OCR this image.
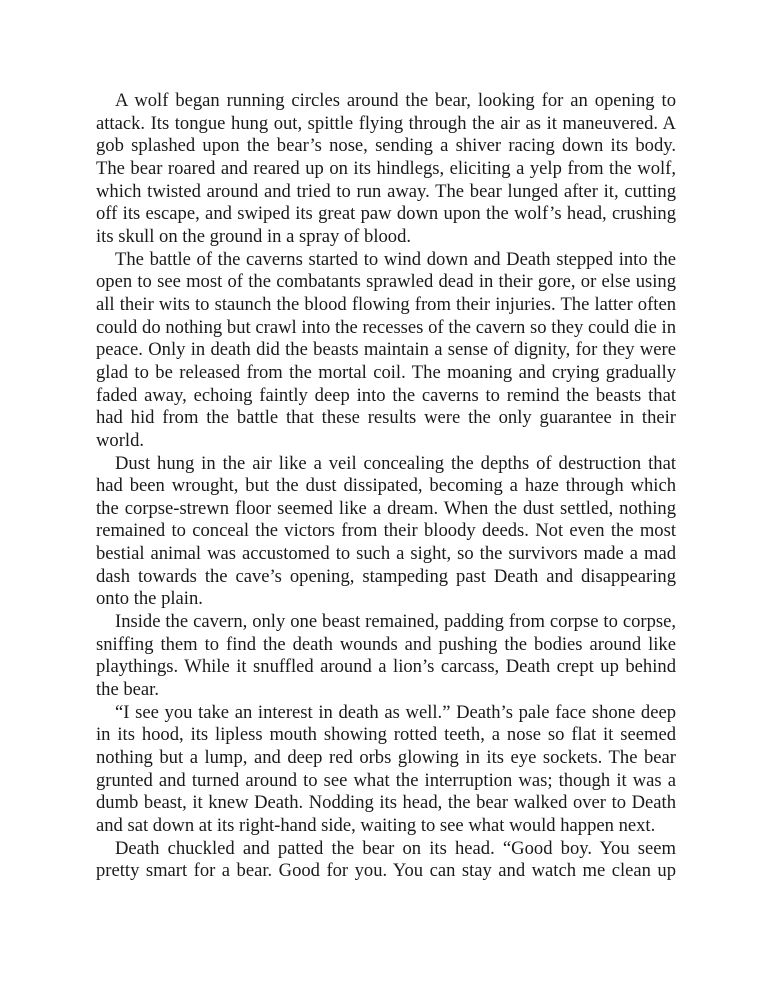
A wolf began running circles around the bear, looking for an opening to attack. Its tongue hung out, spittle flying through the air as it maneuvered. A gob splashed upon the bear’s nose, sending a shiver racing down its body. The bear roared and reared up on its hindlegs, eliciting a yelp from the wolf, which twisted around and tried to run away. The bear lunged after it, cutting off its escape, and swiped its great paw down upon the wolf’s head, crushing its skull on the ground in a spray of blood.

The battle of the caverns started to wind down and Death stepped into the open to see most of the combatants sprawled dead in their gore, or else using all their wits to staunch the blood flowing from their injuries. The latter often could do nothing but crawl into the recesses of the cavern so they could die in peace. Only in death did the beasts maintain a sense of dignity, for they were glad to be released from the mortal coil. The moaning and crying gradually faded away, echoing faintly deep into the caverns to remind the beasts that had hid from the battle that these results were the only guarantee in their world.

Dust hung in the air like a veil concealing the depths of destruction that had been wrought, but the dust dissipated, becoming a haze through which the corpse-strewn floor seemed like a dream. When the dust settled, nothing remained to conceal the victors from their bloody deeds. Not even the most bestial animal was accustomed to such a sight, so the survivors made a mad dash towards the cave’s opening, stampeding past Death and disappearing onto the plain.

Inside the cavern, only one beast remained, padding from corpse to corpse, sniffing them to find the death wounds and pushing the bodies around like playthings. While it snuffled around a lion’s carcass, Death crept up behind the bear.

“I see you take an interest in death as well.” Death’s pale face shone deep in its hood, its lipless mouth showing rotted teeth, a nose so flat it seemed nothing but a lump, and deep red orbs glowing in its eye sockets. The bear grunted and turned around to see what the interruption was; though it was a dumb beast, it knew Death. Nodding its head, the bear walked over to Death and sat down at its right-hand side, waiting to see what would happen next.

Death chuckled and patted the bear on its head. “Good boy. You seem pretty smart for a bear. Good for you. You can stay and watch me clean up
